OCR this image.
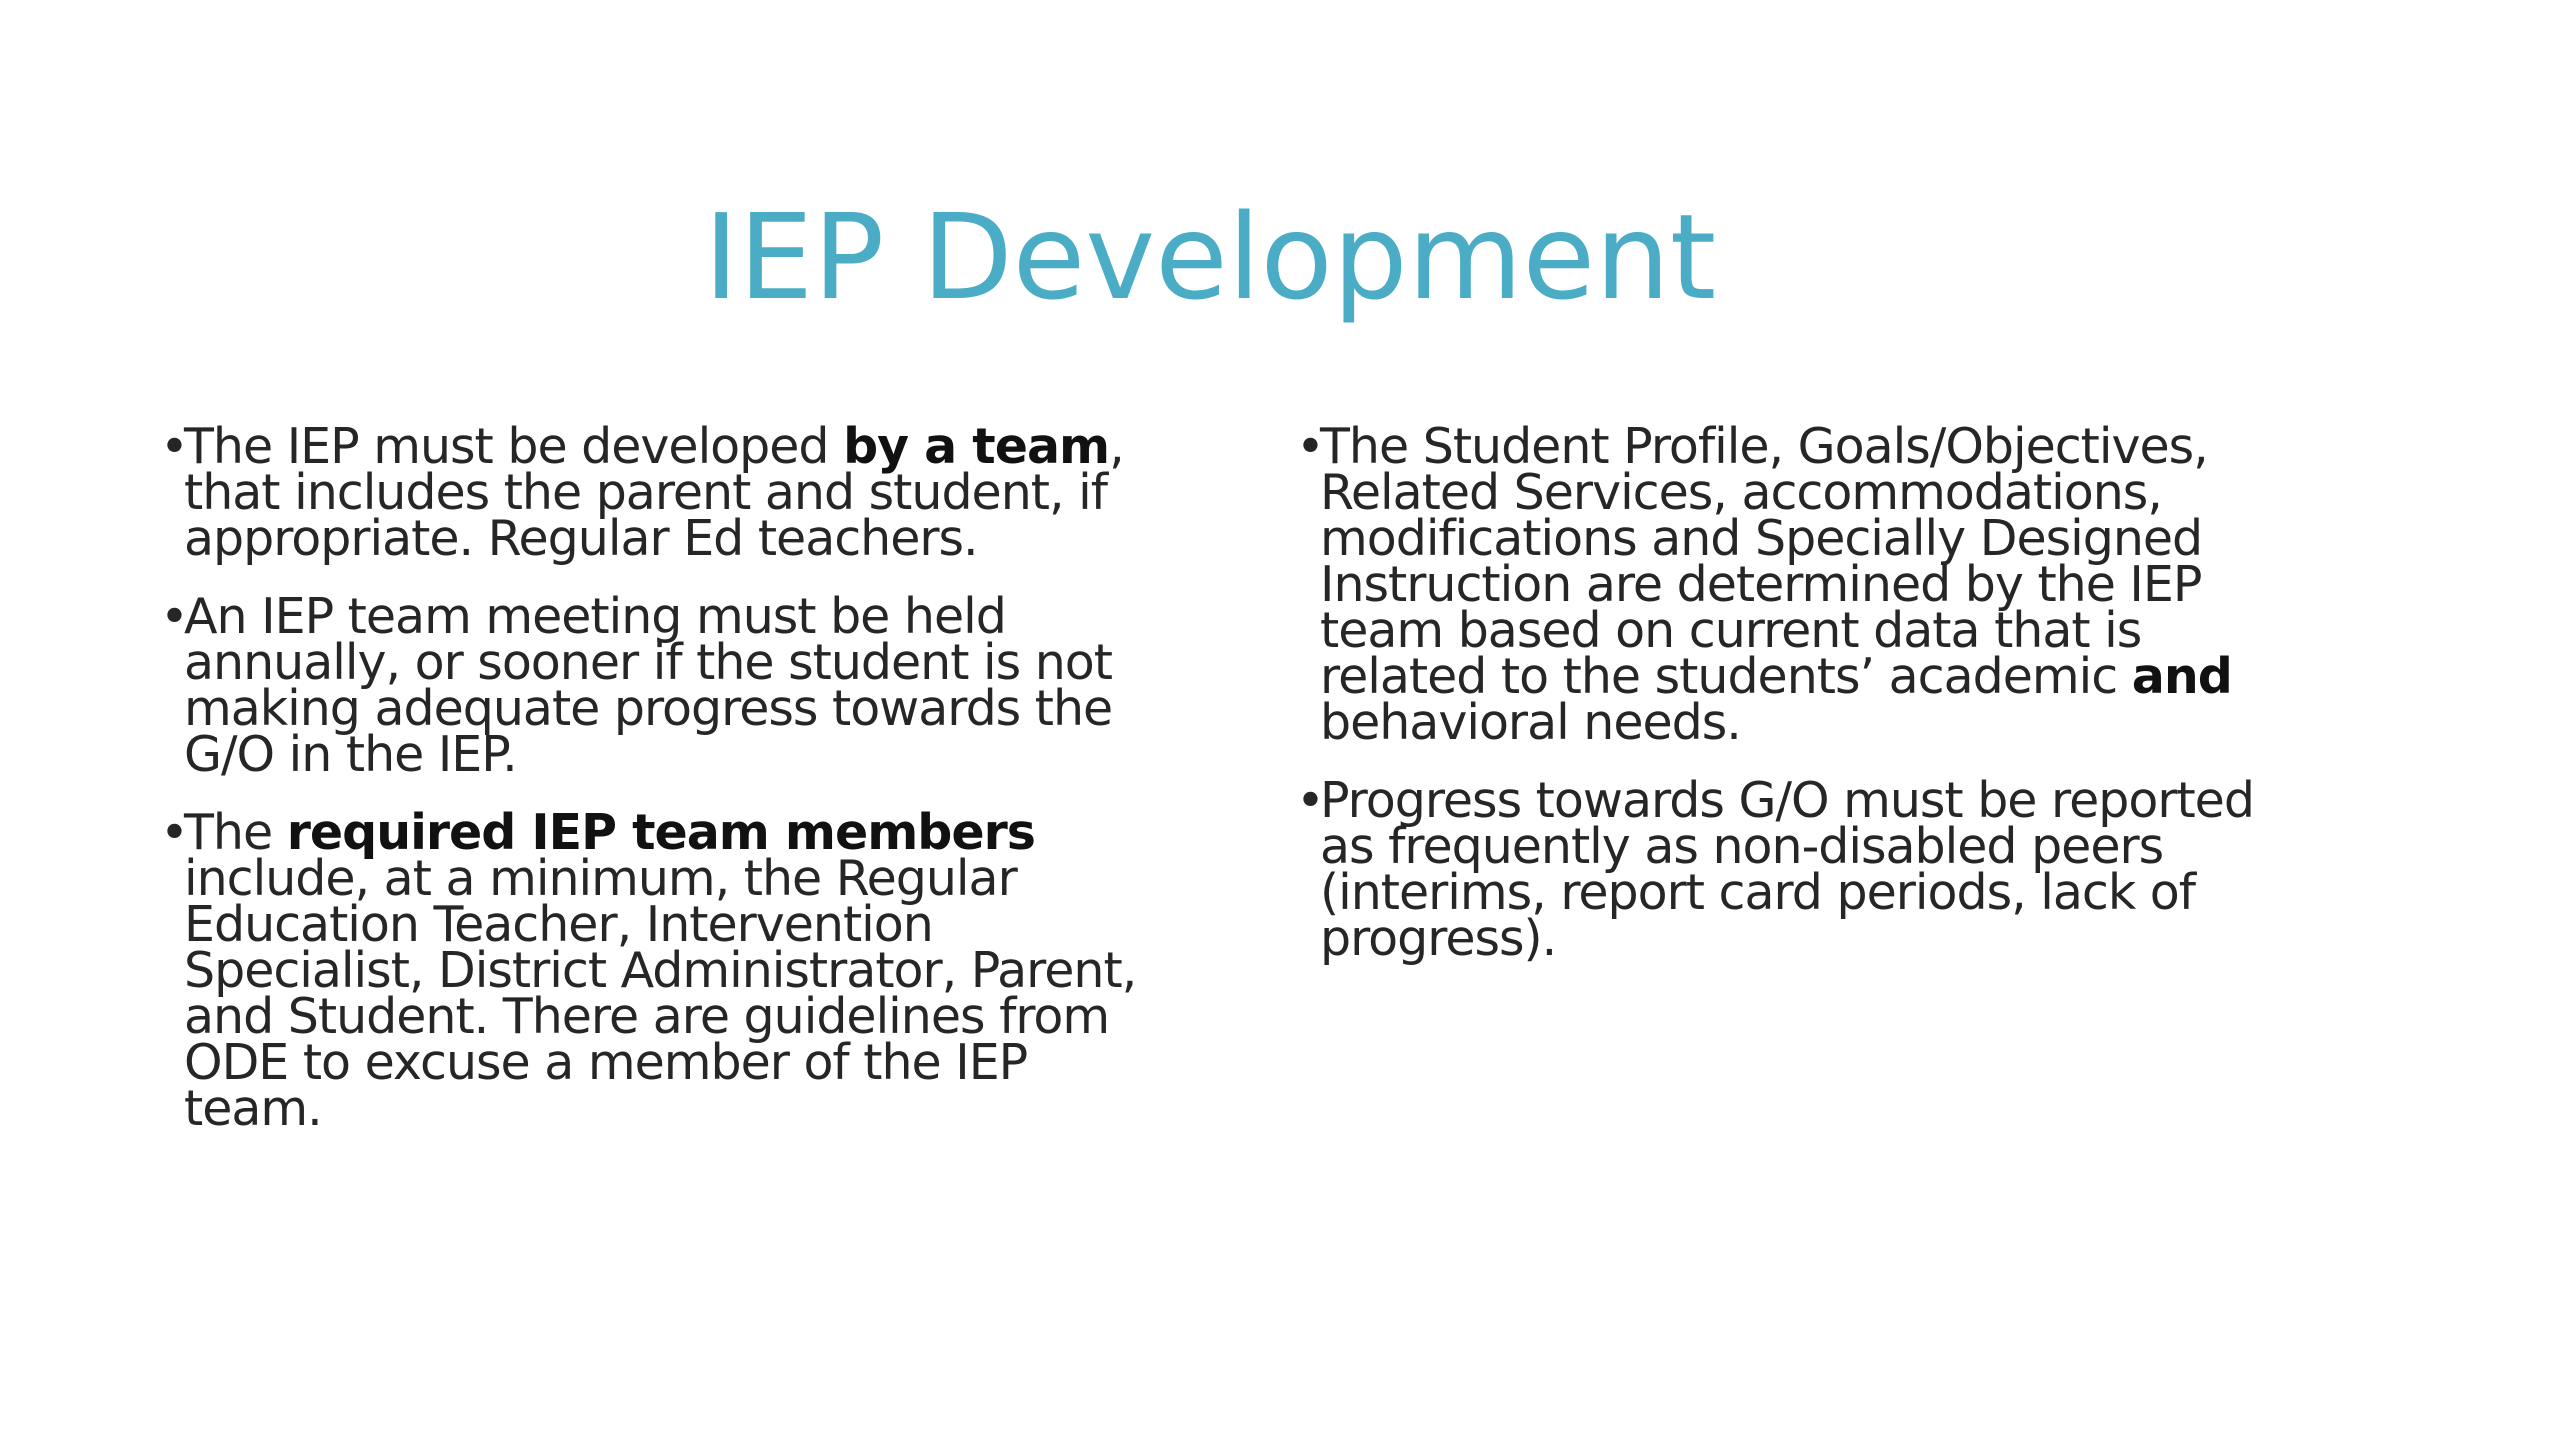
IEP Development

•
The IEP must be developed by a team, that includes the parent and student, if appropriate. Regular Ed teachers.

•
An IEP team meeting must be held annually, or sooner if the student is not making adequate progress towards the G/O in the IEP.

•
The required IEP team members include, at a minimum, the Regular Education Teacher, Intervention Specialist, District Administrator, Parent, and Student. There are guidelines from ODE to excuse a member of the IEP team.

•
The Student Profile, Goals/Objectives, Related Services, accommodations, modifications and Specially Designed Instruction are determined by the IEP team based on current data that is related to the students’ academic and behavioral needs.

•
Progress towards G/O must be reported as frequently as non-disabled peers (interims, report card periods, lack of progress).
